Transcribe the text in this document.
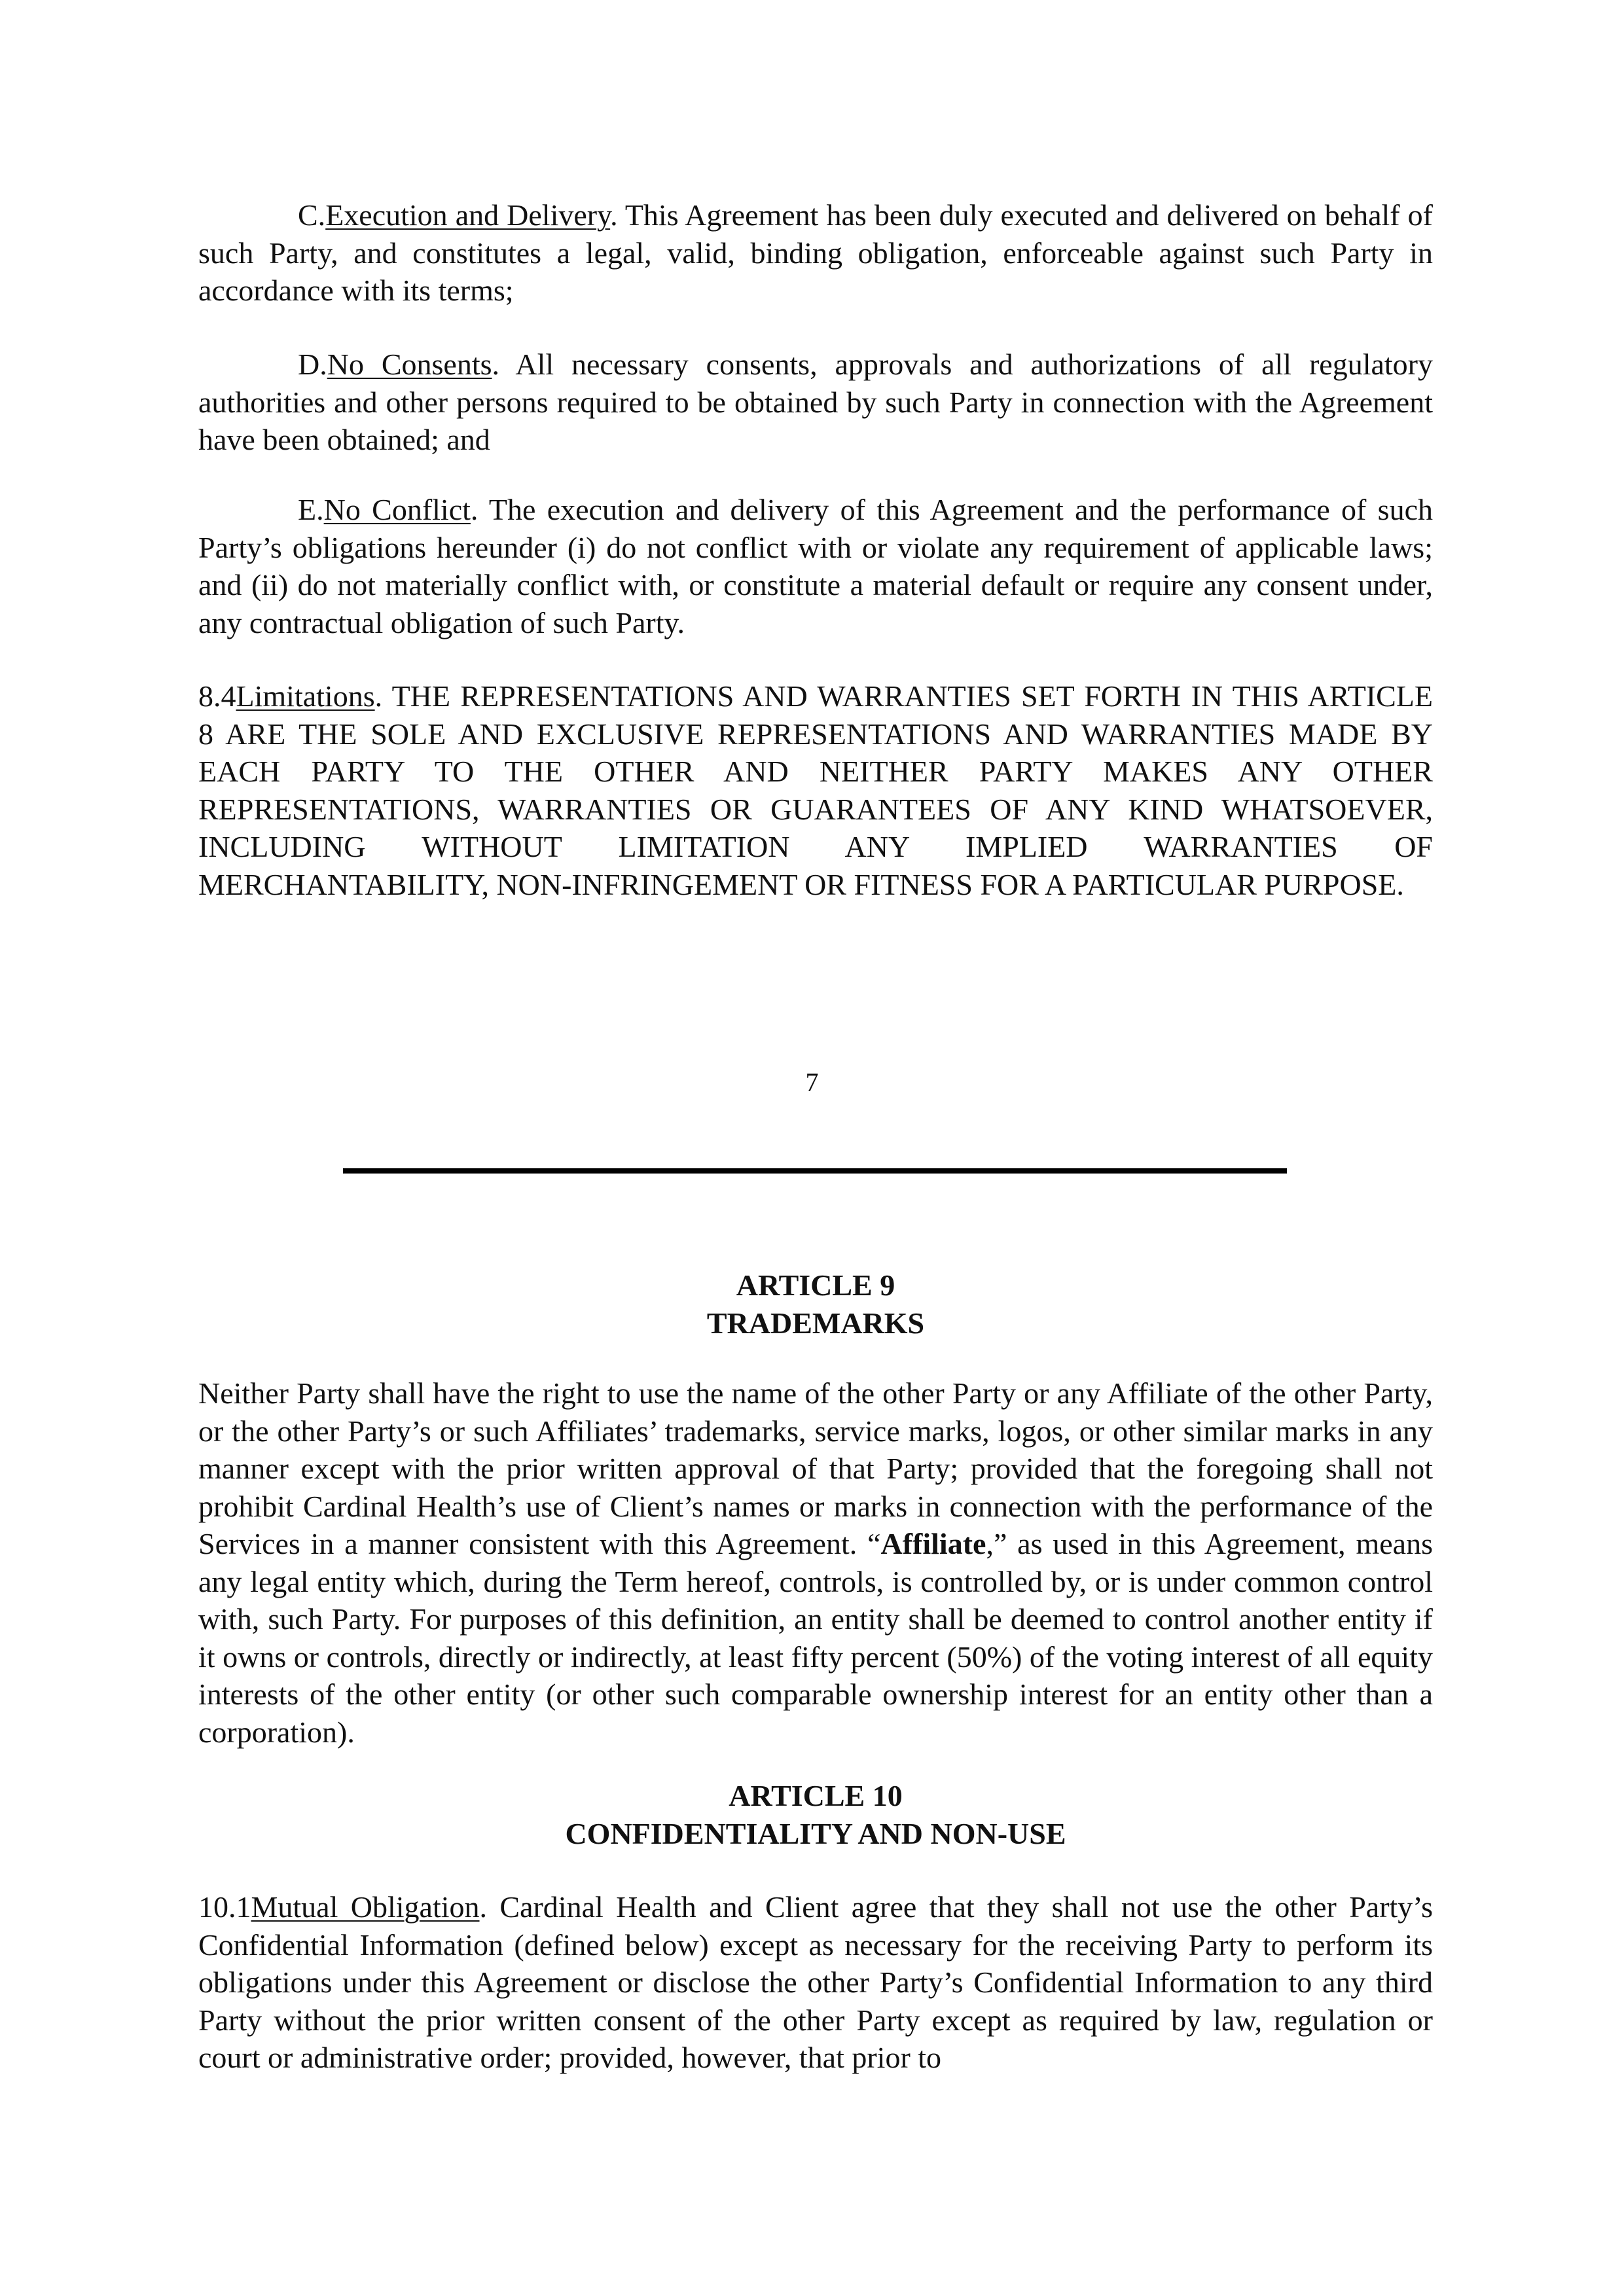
C.Execution and Delivery. This Agreement has been duly executed and delivered on behalf of such Party, and constitutes a legal, valid, binding obligation, enforceable against such Party in accordance with its terms;

D.No Consents. All necessary consents, approvals and authorizations of all regulatory authorities and other persons required to be obtained by such Party in connection with the Agreement have been obtained; and

E.No Conflict. The execution and delivery of this Agreement and the performance of such Party’s obligations hereunder (i) do not conflict with or violate any requirement of applicable laws; and (ii) do not materially conflict with, or constitute a material default or require any consent under, any contractual obligation of such Party.

8.4Limitations. THE REPRESENTATIONS AND WARRANTIES SET FORTH IN THIS ARTICLE 8 ARE THE SOLE AND EXCLUSIVE REPRESENTATIONS AND WARRANTIES MADE BY EACH PARTY TO THE OTHER AND NEITHER PARTY MAKES ANY OTHER REPRESENTATIONS, WARRANTIES OR GUARANTEES OF ANY KIND WHATSOEVER, INCLUDING WITHOUT LIMITATION ANY IMPLIED WARRANTIES OF MERCHANTABILITY, NON-INFRINGEMENT OR FITNESS FOR A PARTICULAR PURPOSE.

7
ARTICLE 9
TRADEMARKS

Neither Party shall have the right to use the name of the other Party or any Affiliate of the other Party, or the other Party’s or such Affiliates’ trademarks, service marks, logos, or other similar marks in any manner except with the prior written approval of that Party; provided that the foregoing shall not prohibit Cardinal Health’s use of Client’s names or marks in connection with the performance of the Services in a manner consistent with this Agreement. “Affiliate,” as used in this Agreement, means any legal entity which, during the Term hereof, controls, is controlled by, or is under common control with, such Party. For purposes of this definition, an entity shall be deemed to control another entity if it owns or controls, directly or indirectly, at least fifty percent (50%) of the voting interest of all equity interests of the other entity (or other such comparable ownership interest for an entity other than a corporation).

ARTICLE 10
CONFIDENTIALITY AND NON-USE

10.1Mutual Obligation. Cardinal Health and Client agree that they shall not use the other Party’s Confidential Information (defined below) except as necessary for the receiving Party to perform its obligations under this Agreement or disclose the other Party’s Confidential Information to any third Party without the prior written consent of the other Party except as required by law, regulation or court or administrative order; provided, however, that prior to
